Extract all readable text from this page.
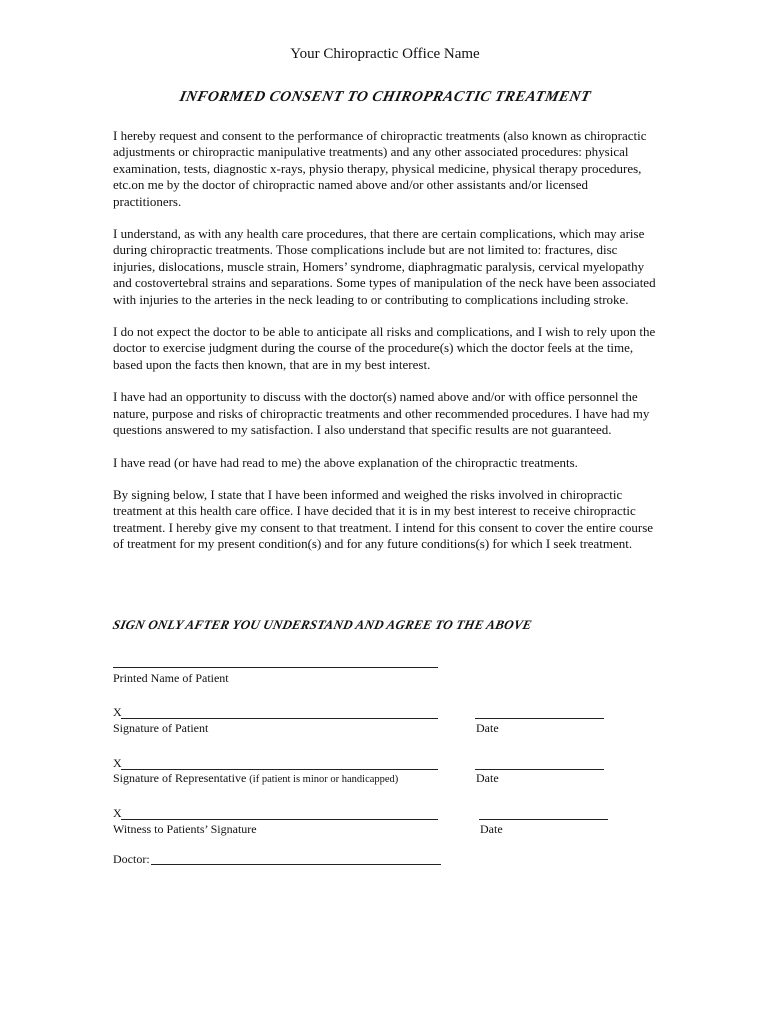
Your Chiropractic Office Name
INFORMED CONSENT TO CHIROPRACTIC TREATMENT

I hereby request and consent to the performance of chiropractic treatments (also known as chiropractic adjustments or chiropractic manipulative treatments) and any other associated procedures: physical examination, tests, diagnostic x-rays, physio therapy, physical medicine, physical therapy procedures, etc.on me by the doctor of chiropractic named above and/or other assistants and/or licensed practitioners.

I understand, as with any health care procedures, that there are certain complications, which may arise during chiropractic treatments. Those complications include but are not limited to: fractures, disc injuries, dislocations, muscle strain, Homers’ syndrome, diaphragmatic paralysis, cervical myelopathy and costovertebral strains and separations. Some types of manipulation of the neck have been associated with injuries to the arteries in the neck leading to or contributing to complications including stroke.

I do not expect the doctor to be able to anticipate all risks and complications, and I wish to rely upon the doctor to exercise judgment during the course of the procedure(s) which the doctor feels at the time, based upon the facts then known, that are in my best interest.

I have had an opportunity to discuss with the doctor(s) named above and/or with office personnel the nature, purpose and risks of chiropractic treatments and other recommended procedures. I have had my questions answered to my satisfaction. I also understand that specific results are not guaranteed.

I have read (or have had read to me) the above explanation of the chiropractic treatments.

By signing below, I state that I have been informed and weighed the risks involved in chiropractic treatment at this health care office. I have decided that it is in my best interest to receive chiropractic treatment. I hereby give my consent to that treatment. I intend for this consent to cover the entire course of treatment for my present condition(s) and for any future conditions(s) for which I seek treatment.

SIGN ONLY AFTER YOU UNDERSTAND AND AGREE TO THE ABOVE
Printed Name of Patient
X
Signature of Patient	Date
X
Signature of Representative (if patient is minor or handicapped)	Date
X
Witness to Patients’ Signature	Date
Doctor:
